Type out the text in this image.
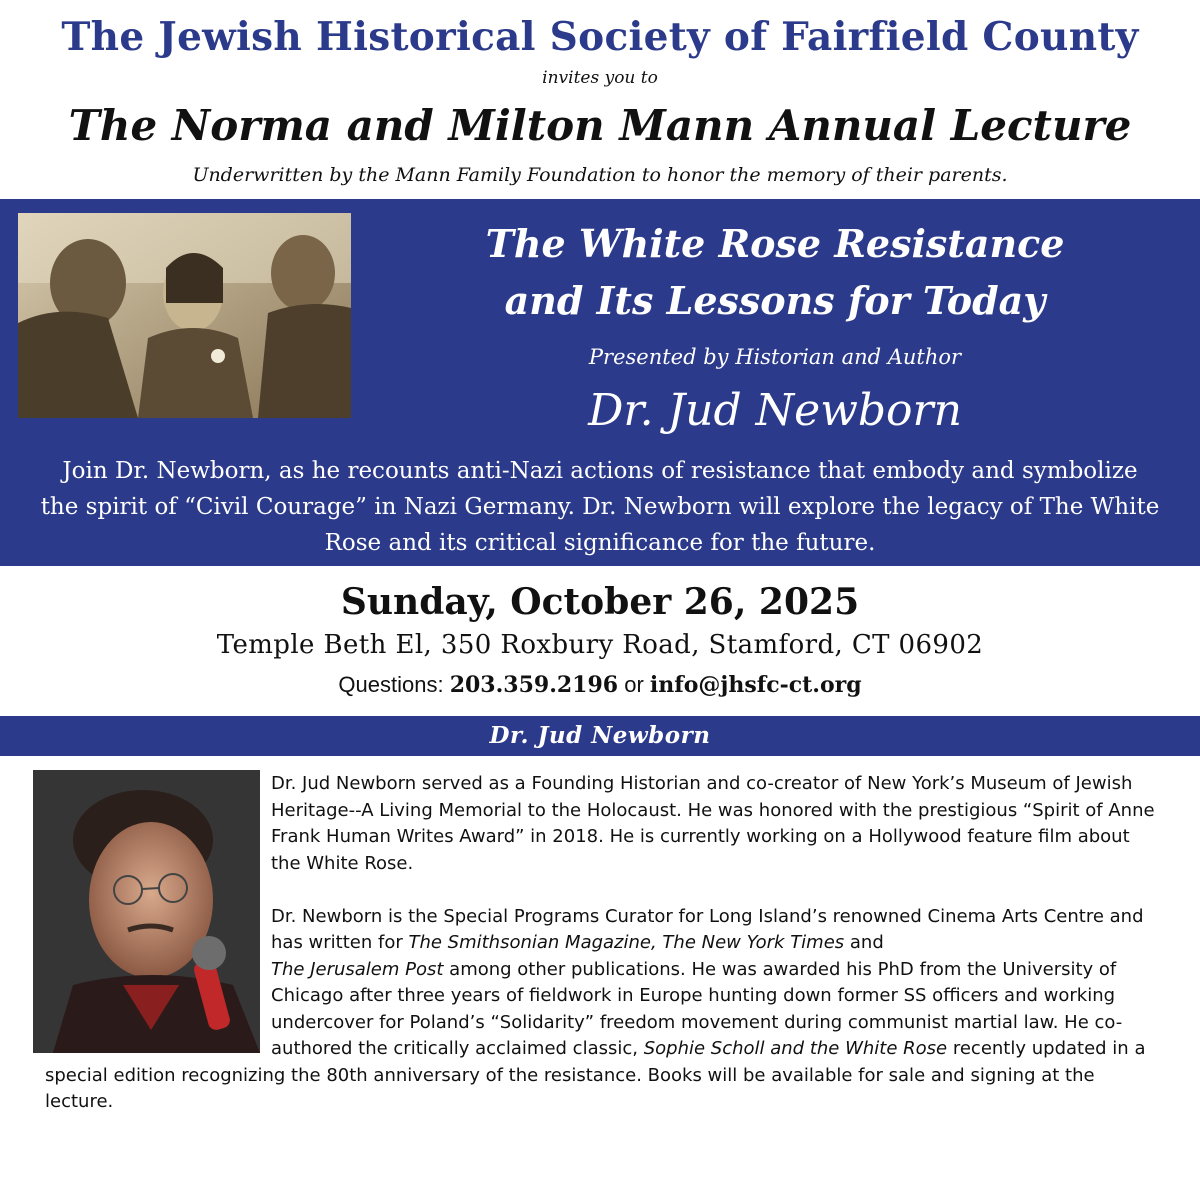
The Jewish Historical Society of Fairfield County
invites you to
The Norma and Milton Mann Annual Lecture
Underwritten by the Mann Family Foundation to honor the memory of their parents.
The White Rose Resistance
and Its Lessons for Today
Presented by Historian and Author
Dr. Jud Newborn
Join Dr. Newborn, as he recounts anti-Nazi actions of resistance that embody and symbolize the spirit of “Civil Courage” in Nazi Germany. Dr. Newborn will explore the legacy of The White Rose and its critical significance for the future.
Sunday, October 26, 2025
Temple Beth El, 350 Roxbury Road, Stamford, CT 06902
Questions: 203.359.2196 or info@jhsfc-ct.org
Dr. Jud Newborn

Dr. Jud Newborn served as a Founding Historian and co-creator of New York’s Museum of Jewish Heritage--A Living Memorial to the Holocaust. He was honored with the prestigious “Spirit of Anne Frank Human Writes Award” in 2018. He is currently working on a Hollywood feature film about the White Rose.

Dr. Newborn is the Special Programs Curator for Long Island’s renowned Cinema Arts Centre and has written for The Smithsonian Magazine, The New York Times and
The Jerusalem Post among other publications. He was awarded his PhD from the University of Chicago after three years of fieldwork in Europe hunting down former SS officers and working undercover for Poland’s “Solidarity” freedom movement during communist martial law. He co-authored the critically acclaimed classic, Sophie Scholl and the White Rose recently updated in a special edition recognizing the 80th anniversary of the resistance. Books will be available for sale and signing at the lecture.
